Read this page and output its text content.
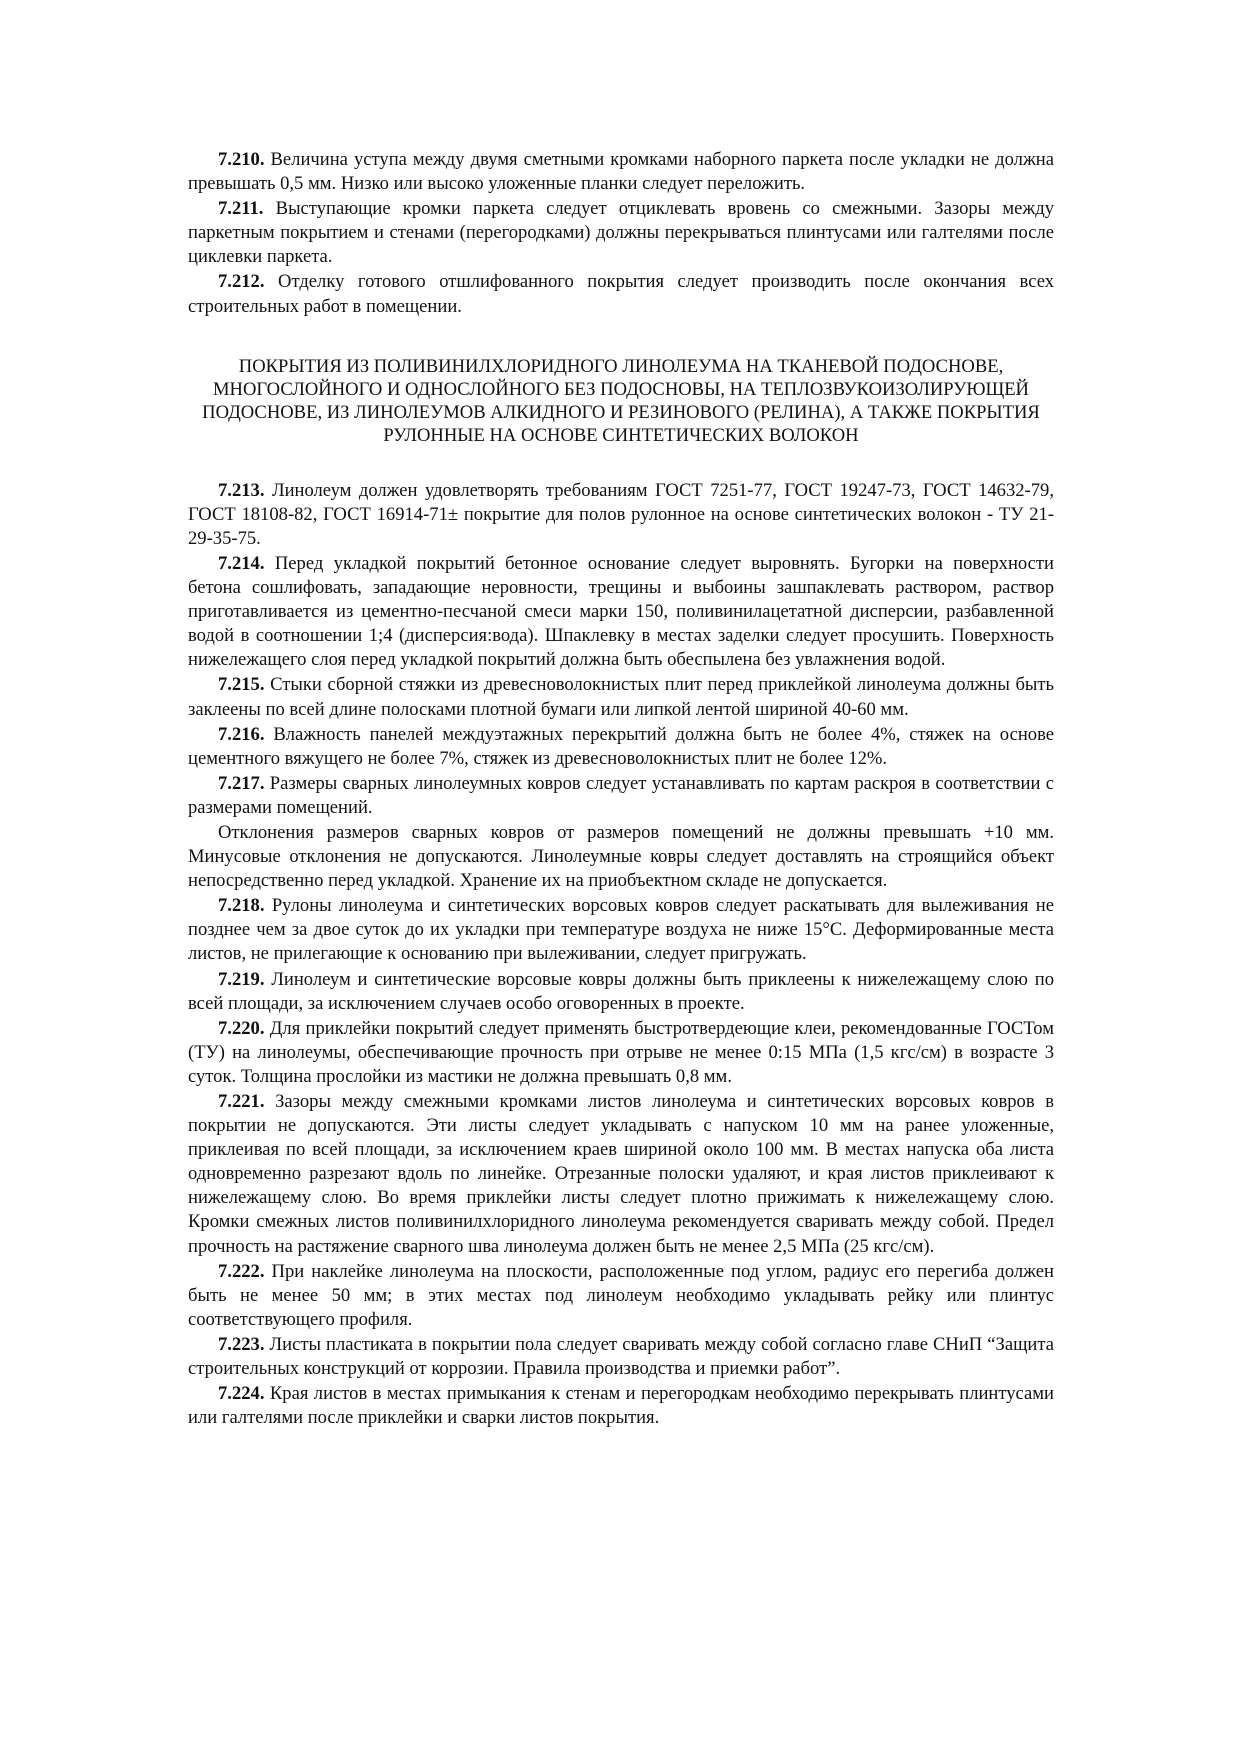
7.210. Величина уступа между двумя сметными кромками наборного паркета после укладки не должна превышать 0,5 мм. Низко или высоко уложенные планки следует переложить.

7.211. Выступающие кромки паркета следует отциклевать вровень со смежными. Зазоры между паркетным покрытием и стенами (перегородками) должны перекрываться плинтусами или галтелями после циклевки паркета.

7.212. Отделку готового отшлифованного покрытия следует производить после окончания всех строительных работ в помещении.

ПОКРЫТИЯ ИЗ ПОЛИВИНИЛХЛОРИДНОГО ЛИНОЛЕУМА НА ТКАНЕВОЙ ПОДОСНОВЕ, МНОГОСЛОЙНОГО И ОДНОСЛОЙНОГО БЕЗ ПОДОСНОВЫ, НА ТЕПЛОЗВУКОИЗОЛИРУЮЩЕЙ ПОДОСНОВЕ, ИЗ ЛИНОЛЕУМОВ АЛКИДНОГО И РЕЗИНОВОГО (РЕЛИНА), А ТАКЖЕ ПОКРЫТИЯ РУЛОННЫЕ НА ОСНОВЕ СИНТЕТИЧЕСКИХ ВОЛОКОН

7.213. Линолеум должен удовлетворять требованиям ГОСТ 7251-77, ГОСТ 19247-73, ГОСТ 14632-79, ГОСТ 18108-82, ГОСТ 16914-71± покрытие для полов рулонное на основе синтетических волокон - ТУ 21-29-35-75.

7.214. Перед укладкой покрытий бетонное основание следует выровнять. Бугорки на поверхности бетона сошлифовать, западающие неровности, трещины и выбоины зашпаклевать раствором, раствор приготавливается из цементно-песчаной смеси марки 150, поливинилацетатной дисперсии, разбавленной водой в соотношении 1;4 (дисперсия:вода). Шпаклевку в местах заделки следует просушить. Поверхность нижележащего слоя перед укладкой покрытий должна быть обеспылена без увлажнения водой.

7.215. Стыки сборной стяжки из древесноволокнистых плит перед приклейкой линолеума должны быть заклеены по всей длине полосками плотной бумаги или липкой лентой шириной 40-60 мм.

7.216. Влажность панелей междуэтажных перекрытий должна быть не более 4%, стяжек на основе цементного вяжущего не более 7%, стяжек из древесноволокнистых плит не более 12%.

7.217. Размеры сварных линолеумных ковров следует устанавливать по картам раскроя в соответствии с размерами помещений.

Отклонения размеров сварных ковров от размеров помещений не должны превышать +10 мм. Минусовые отклонения не допускаются. Линолеумные ковры следует доставлять на строящийся объект непосредственно перед укладкой. Хранение их на приобъектном складе не допускается.

7.218. Рулоны линолеума и синтетических ворсовых ковров следует раскатывать для вылеживания не позднее чем за двое суток до их укладки при температуре воздуха не ниже 15°С. Деформированные места листов, не прилегающие к основанию при вылеживании, следует пригружать.

7.219. Линолеум и синтетические ворсовые ковры должны быть приклеены к нижележащему слою по всей площади, за исключением случаев особо оговоренных в проекте.

7.220. Для приклейки покрытий следует применять быстротвердеющие клеи, рекомендованные ГОСТом (ТУ) на линолеумы, обеспечивающие прочность при отрыве не менее 0:15 МПа (1,5 кгс/см) в возрасте 3 суток. Толщина прослойки из мастики не должна превышать 0,8 мм.

7.221. Зазоры между смежными кромками листов линолеума и синтетических ворсовых ковров в покрытии не допускаются. Эти листы следует укладывать с напуском 10 мм на ранее уложенные, приклеивая по всей площади, за исключением краев шириной около 100 мм. В местах напуска оба листа одновременно разрезают вдоль по линейке. Отрезанные полоски удаляют, и края листов приклеивают к нижележащему слою. Во время приклейки листы следует плотно прижимать к нижележащему слою. Кромки смежных листов поливинилхлоридного линолеума рекомендуется сваривать между собой. Предел прочность на растяжение сварного шва линолеума должен быть не менее 2,5 МПа (25 кгс/см).

7.222. При наклейке линолеума на плоскости, расположенные под углом, радиус его перегиба должен быть не менее 50 мм; в этих местах под линолеум необходимо укладывать рейку или плинтус соответствующего профиля.

7.223. Листы пластиката в покрытии пола следует сваривать между собой согласно главе СНиП “Защита строительных конструкций от коррозии. Правила производства и приемки работ”.

7.224. Края листов в местах примыкания к стенам и перегородкам необходимо перекрывать плинтусами или галтелями после приклейки и сварки листов покрытия.
